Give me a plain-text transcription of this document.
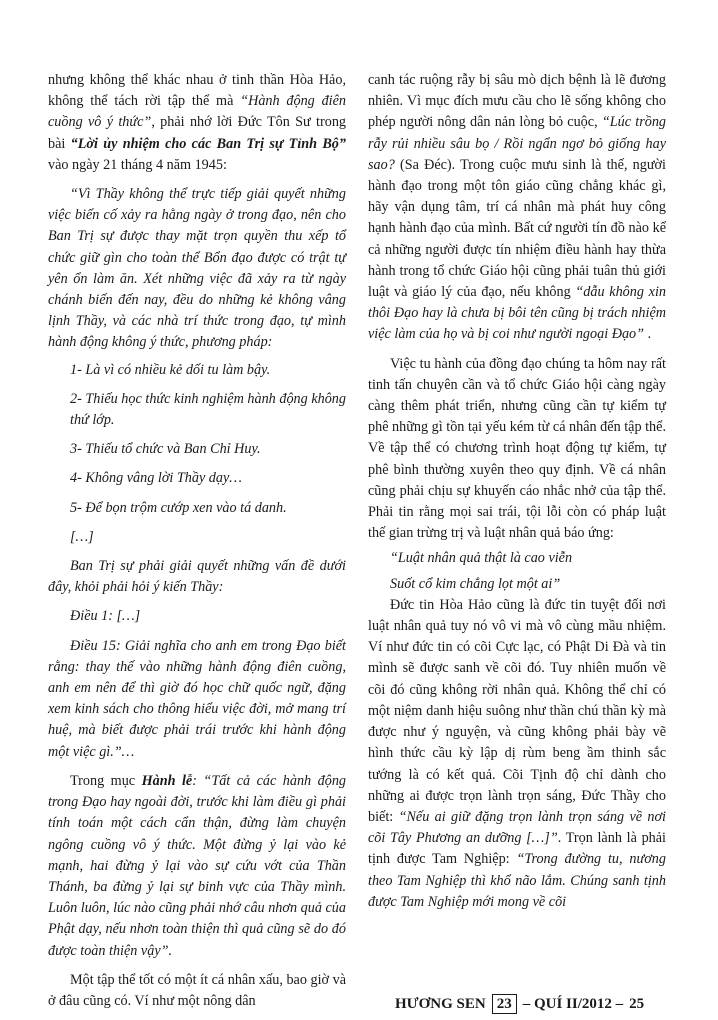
nhưng không thể khác nhau ở tinh thần Hòa Hảo, không thể tách rời tập thể mà “Hành động điên cuồng vô ý thức”, phải nhớ lời Đức Tôn Sư trong bài “Lời ủy nhiệm cho các Ban Trị sự Tỉnh Bộ” vào ngày 21 tháng 4 năm 1945:

“Vì Thầy không thể trực tiếp giải quyết những việc biến cố xảy ra hằng ngày ở trong đạo, nên cho Ban Trị sự được thay mặt trọn quyền thu xếp tổ chức giữ gìn cho toàn thể Bổn đạo được có trật tự yên ổn làm ăn. Xét những việc đã xảy ra từ ngày chánh biến đến nay, đều do những kẻ không vâng lịnh Thầy, và các nhà trí thức trong đạo, tự mình hành động không ý thức, phương pháp:

1- Là vì có nhiều kẻ dối tu làm bậy.

2- Thiếu học thức kinh nghiệm hành động không thứ lớp.

3- Thiếu tổ chức và Ban Chỉ Huy.

4- Không vâng lời Thầy dạy…

5- Để bọn trộm cướp xen vào tá danh.

[…]

Ban Trị sự phải giải quyết những vấn đề dưới đây, khỏi phải hỏi ý kiến Thầy:

Điều 1: […]

Điều 15: Giải nghĩa cho anh em trong Đạo biết rằng: thay thế vào những hành động điên cuồng, anh em nên để thì giờ đó học chữ quốc ngữ, đặng xem kinh sách cho thông hiểu việc đời, mở mang trí huệ, mà biết được phải trái trước khi hành động một việc gì.”…

Trong mục Hành lễ: “Tất cả các hành động trong Đạo hay ngoài đời, trước khi làm điều gì phải tính toán một cách cẩn thận, đừng làm chuyện ngông cuồng vô ý thức. Một đừng ỷ lại vào kẻ mạnh, hai đừng ỷ lại vào sự cứu vớt của Thần Thánh, ba đừng ỷ lại sự binh vực của Thầy mình. Luôn luôn, lúc nào cũng phải nhớ câu nhơn quả của Phật dạy, nếu nhơn toàn thiện thì quả cũng sẽ do đó được toàn thiện vậy”.

Một tập thể tốt có một ít cá nhân xấu, bao giờ và ở đâu cũng có. Ví như một nông dân

canh tác ruộng rẫy bị sâu mò dịch bệnh là lẽ đương nhiên. Vì mục đích mưu cầu cho lẽ sống không cho phép người nông dân nản lòng bỏ cuộc, “Lúc trồng rẫy rủi nhiều sâu bọ / Rồi ngẩn ngơ bỏ giống hay sao? (Sa Đéc). Trong cuộc mưu sinh là thế, người hành đạo trong một tôn giáo cũng chẳng khác gì, hãy vận dụng tâm, trí cá nhân mà phát huy công hạnh hành đạo của mình. Bất cứ người tín đồ nào kể cả những người được tín nhiệm điều hành hay thừa hành trong tổ chức Giáo hội cũng phải tuân thủ giới luật và giáo lý của đạo, nếu không “dẫu không xin thôi Đạo hay là chưa bị bôi tên cũng bị trách nhiệm việc làm của họ và bị coi như người ngoại Đạo” .

Việc tu hành của đồng đạo chúng ta hôm nay rất tinh tấn chuyên cần và tổ chức Giáo hội càng ngày càng thêm phát triển, nhưng cũng cần tự kiểm tự phê những gì tồn tại yếu kém từ cá nhân đến tập thể. Về tập thể có chương trình hoạt động tự kiểm, tự phê bình thường xuyên theo quy định. Về cá nhân cũng phải chịu sự khuyến cáo nhắc nhở của tập thể. Phải tin rằng mọi sai trái, tội lỗi còn có pháp luật thế gian trừng trị và luật nhân quả báo ứng:

“Luật nhân quả thật là cao viễn

Suốt cổ kim chẳng lọt một ai”

Đức tin Hòa Hảo cũng là đức tin tuyệt đối nơi luật nhân quả tuy nó vô vi mà vô cùng mầu nhiệm. Ví như đức tin có cõi Cực lạc, có Phật Di Đà và tin mình sẽ được sanh về cõi đó. Tuy nhiên muốn về cõi đó cũng không rời nhân quả. Không thể chỉ có một niệm danh hiệu suông như thần chú thần kỳ mà được như ý nguyện, và cũng không phải bày vẽ hình thức cầu kỳ lập dị rùm beng ầm thinh sắc tướng là có kết quả. Cõi Tịnh độ chỉ dành cho những ai được trọn lành trọn sáng, Đức Thầy cho biết: “Nếu ai giữ đặng trọn lành trọn sáng về nơi cõi Tây Phương an dưỡng […]”. Trọn lành là phải tịnh được Tam Nghiệp: “Trong đường tu, nương theo Tam Nghiệp thì khổ não lắm. Chúng sanh tịnh được Tam Nghiệp mới mong về cõi

HƯƠNG SEN 23 – QUÍ II/2012 – 25
